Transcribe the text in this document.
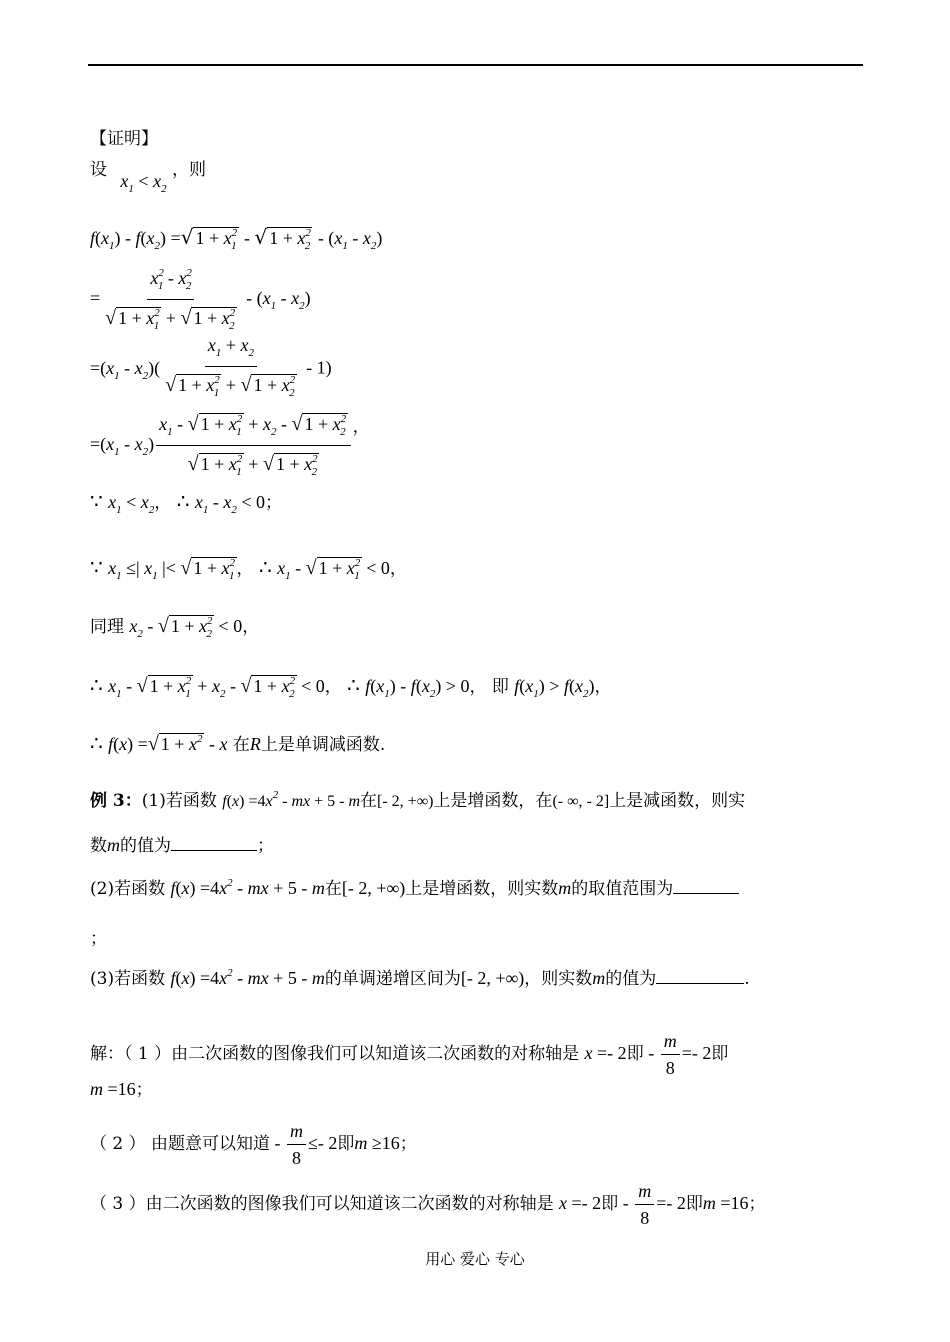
【证明】
设 $x_1 < x_2$ ，则
$f(x_1) - f(x_2)$ =√ $1 + x^2_1$ - √ $1 + x^2_2 - (x_1 - x_2)$
= $\frac{x^2_1 - x^2_2}{√ 1 + x^2_1 + √ 1 + x^2_2} - (x_1 - x_2)$
$=(x_1 - x_2)( \frac{x_1 + x_2}{√ 1 + x^2_1 + √ 1 + x^2_2} - 1)$
$=(x_1 - x_2) \frac{x_1 - √ 1 + x^2_1 + x_2 - √ 1 + x^2_2}{√ 1 + x^2_1 + √ 1 + x^2_2}$ ，
∵ $x_1 < x_2$， ∴ $x_1 - x_2 < 0$；
∵ $x_1$ ≤| $x_1$ |< √ $1 + x^2_1$ ， ∴ $x_1$ - √ $1 + x^2_1 < 0$，
同理 $x_2$ - √ $1 + x^2_2 < 0$，
∴ $x_1$ - √ $1 + x^2_1 + x_2$ - √ $1 + x^2_2 < 0$， ∴ $f(x_1) - f(x_2) > 0$， 即 $f(x_1) > f(x_2)$，
∴ f(x) =√ $1 + x^2 - x$ 在R上是单调减函数.
例 3：(1)若函数 $f(x) =4x^2$ - mx + 5 - m在[- 2, +∞)上是增函数，在(- ∞, - 2]上是减函数，则实
数m的值为	；
(2)若函数 $f(x) =4x^2$ - mx + 5 - m在[- 2, +∞)上是增函数，则实数m的取值范围为
；
(3)若函数 $f(x) =4x^2$ - mx + 5 - m的单调递增区间为[- 2, +∞)，则实数m的值为	.
解：（ 1 ）由二次函数的图像我们可以知道该二次函数的对称轴是 x =- 2即 - $\frac{m}{8} =- 2$即
m =16；
（ 2 ） 由题意可以知道 - $\frac{m}{8} \le- 2$即m ≥16；
（ 3 ）由二次函数的图像我们可以知道该二次函数的对称轴是 x =- 2即 - $\frac{m}{8} =- 2$即m =16；
用心 爱心 专心
